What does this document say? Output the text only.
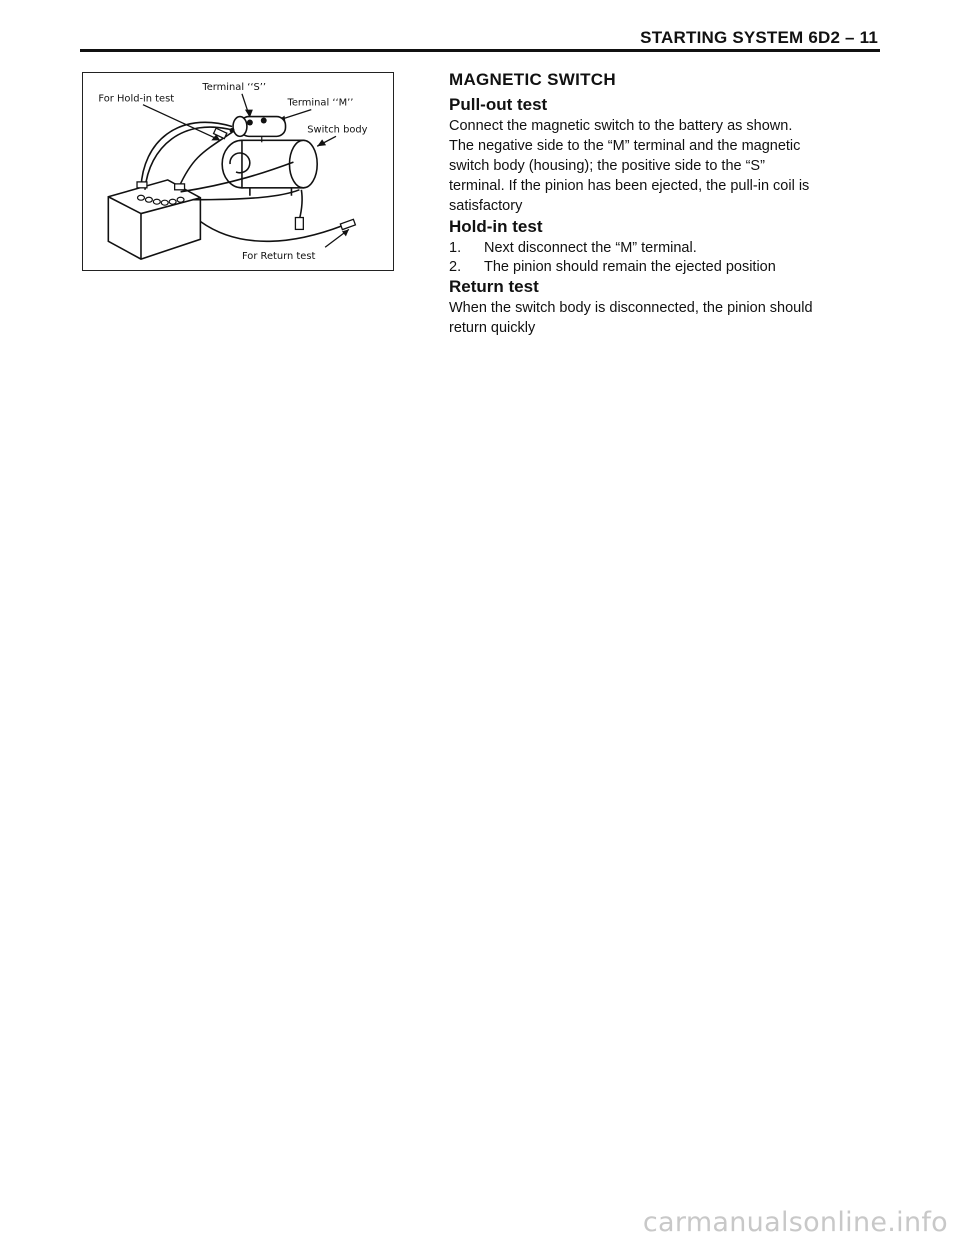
STARTING SYSTEM 6D2 – 11
Terminal ‘‘S’’
For Hold-in test	Terminal ‘‘M’’
Switch body
For Return test
MAGNETIC SWITCH
Pull-out test
Connect the magnetic switch to the battery as shown.
The negative side to the “M” terminal and the magnetic
switch body (housing); the positive side to the “S”
terminal. If the pinion has been ejected, the pull-in coil is
satisfactory
Hold-in test
1.	Next disconnect the “M” terminal.
2.	The pinion should remain the ejected position
Return test
When the switch body is disconnected, the pinion should
return quickly
carmanualsonline.info
